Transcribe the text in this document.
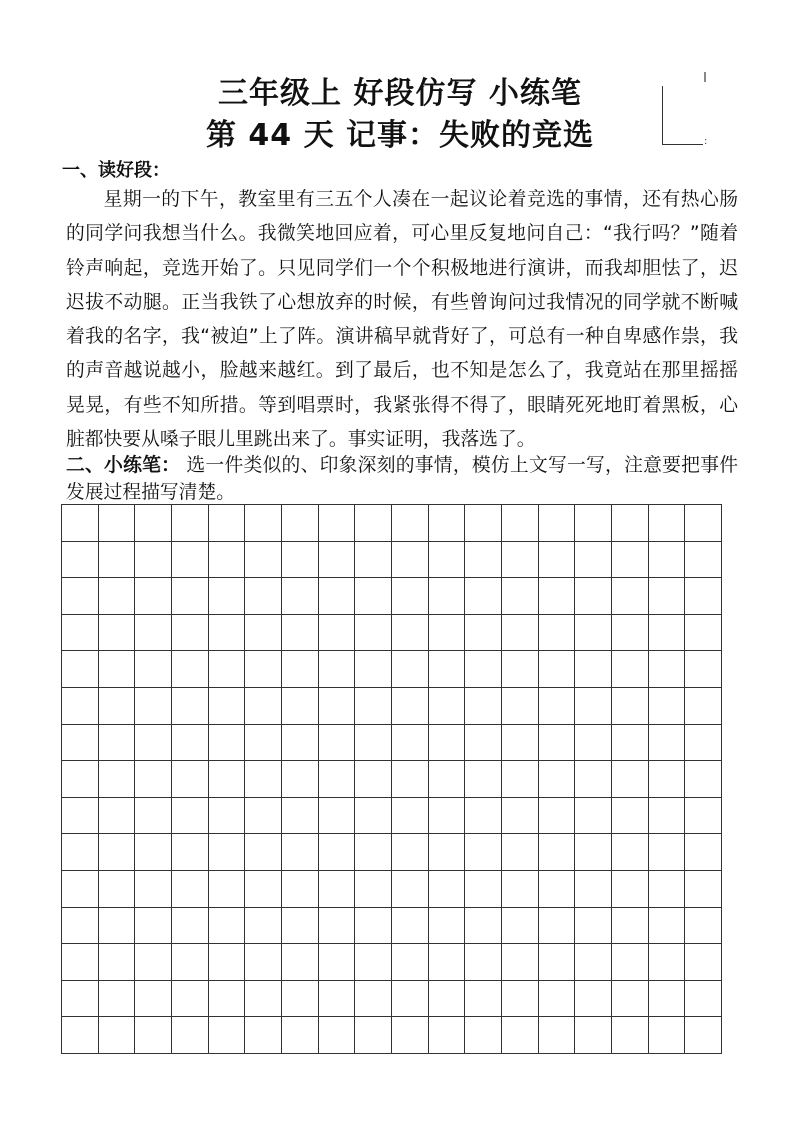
三年级上 好段仿写 小练笔
第 44 天 记事：失败的竞选	:
一、读好段：

星期一的下午，教室里有三五个人凑在一起议论着竞选的事情，还有热心肠的同学问我想当什么。我微笑地回应着，可心里反复地问自己：“我行吗？”随着铃声响起，竞选开始了。只见同学们一个个积极地进行演讲，而我却胆怯了，迟迟拔不动腿。正当我铁了心想放弃的时候，有些曾询问过我情况的同学就不断喊着我的名字，我“被迫”上了阵。演讲稿早就背好了，可总有一种自卑感作祟，我的声音越说越小，脸越来越红。到了最后，也不知是怎么了，我竟站在那里摇摇晃晃，有些不知所措。等到唱票时，我紧张得不得了，眼睛死死地盯着黑板，心脏都快要从嗓子眼儿里跳出来了。事实证明，我落选了。

二、小练笔： 选一件类似的、印象深刻的事情，模仿上文写一写，注意要把事件发展过程描写清楚。
